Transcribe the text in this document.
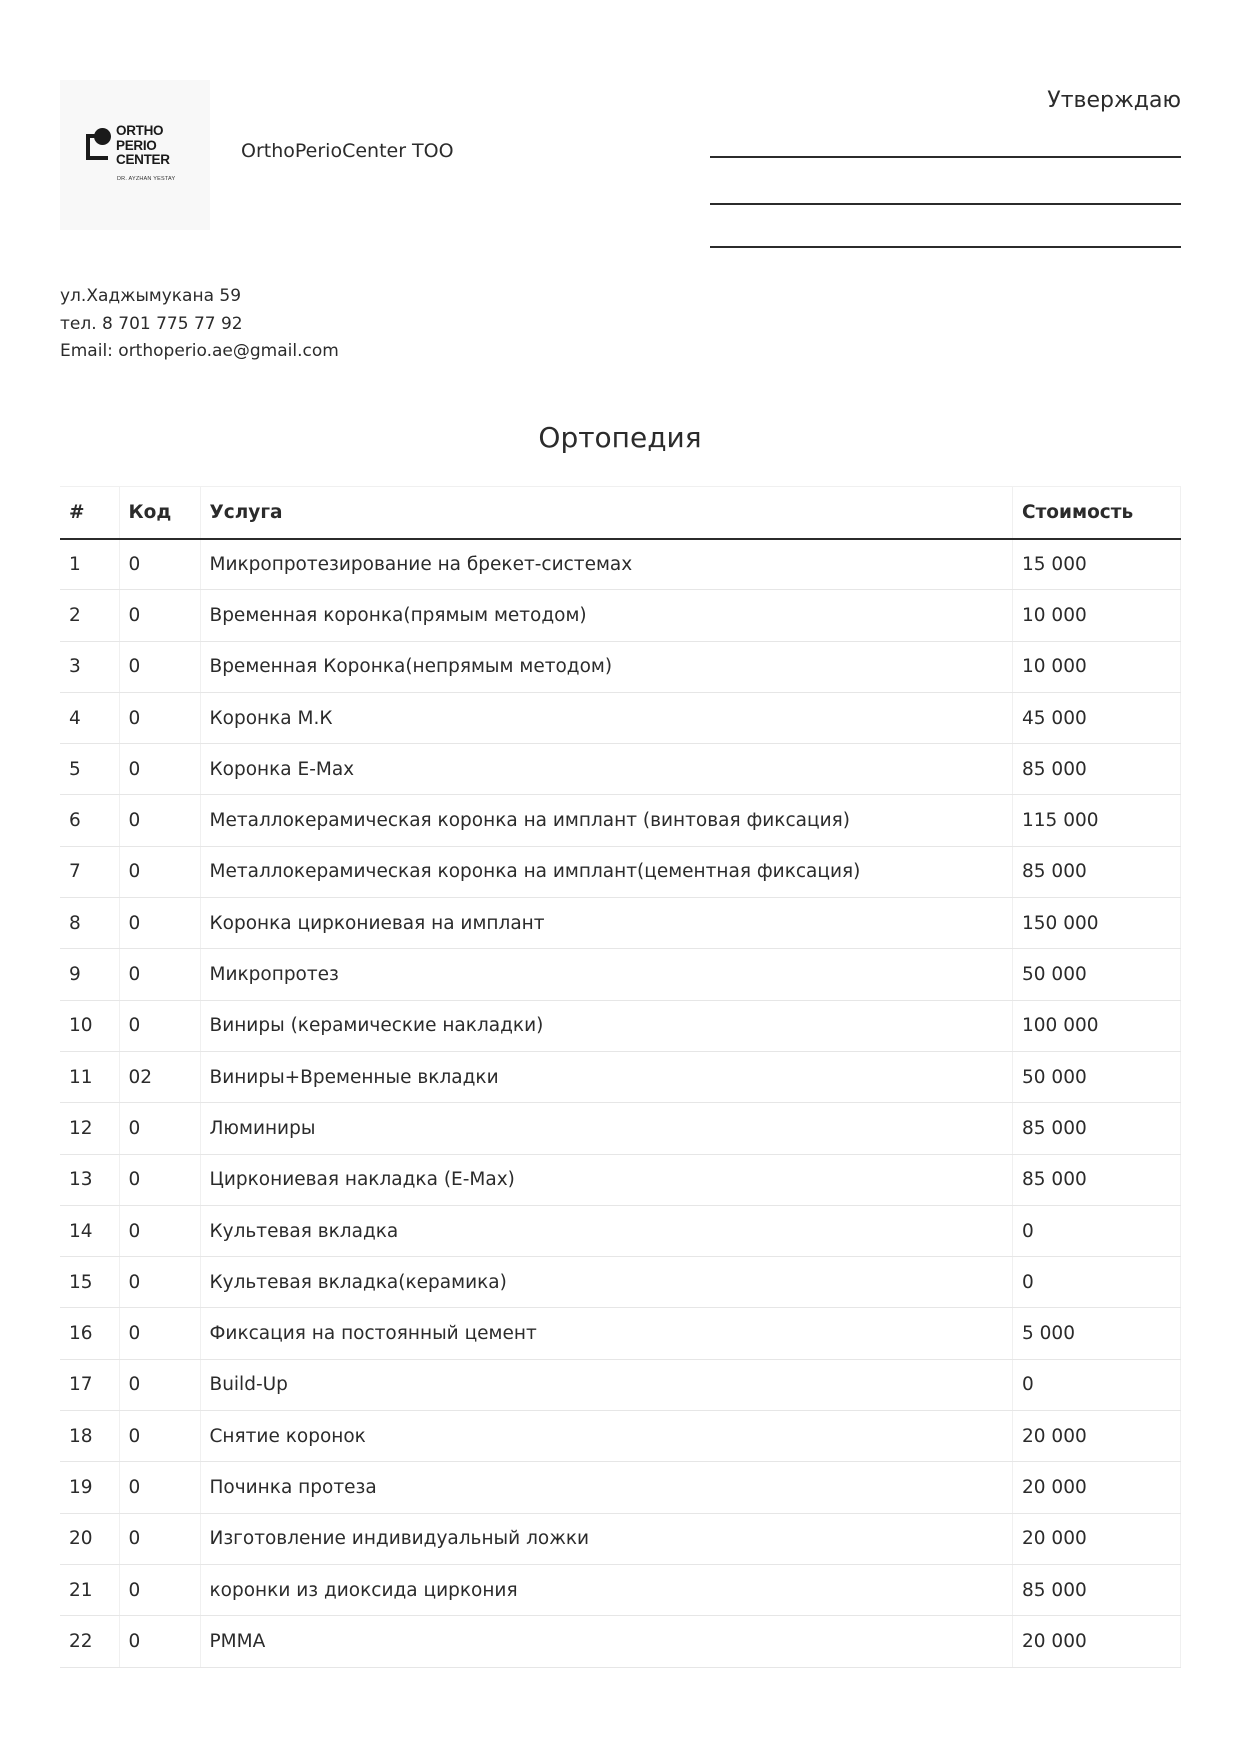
ORTHO
PERIO
CENTER
DR. AYZHAN YESTAY
OrthoPerioCenter ТОО
Утверждаю
ул.Хаджымукана 59
тел. 8 701 775 77 92
Email: orthoperio.ae@gmail.com
Ортопедия
#	Код	Услуга	Стоимость
1	0	Микропротезирование на брекет-системах	15 000
2	0	Временная коронка(прямым методом)	10 000
3	0	Временная Коронка(непрямым методом)	10 000
4	0	Коронка М.К	45 000
5	0	Коронка E-Max	85 000
6	0	Металлокерамическая коронка на имплант (винтовая фиксация)	115 000
7	0	Металлокерамическая коронка на имплант(цементная фиксация)	85 000
8	0	Коронка циркониевая на имплант	150 000
9	0	Микропротез	50 000
10	0	Виниры (керамические накладки)	100 000
11	02	Виниры+Временные вкладки	50 000
12	0	Люминиры	85 000
13	0	Циркониевая накладка (E-Max)	85 000
14	0	Культевая вкладка	0
15	0	Культевая вкладка(керамика)	0
16	0	Фиксация на постоянный цемент	5 000
17	0	Build-Up	0
18	0	Снятие коронок	20 000
19	0	Починка протеза	20 000
20	0	Изготовление индивидуальный ложки	20 000
21	0	коронки из диоксида циркония	85 000
22	0	PMMA	20 000
